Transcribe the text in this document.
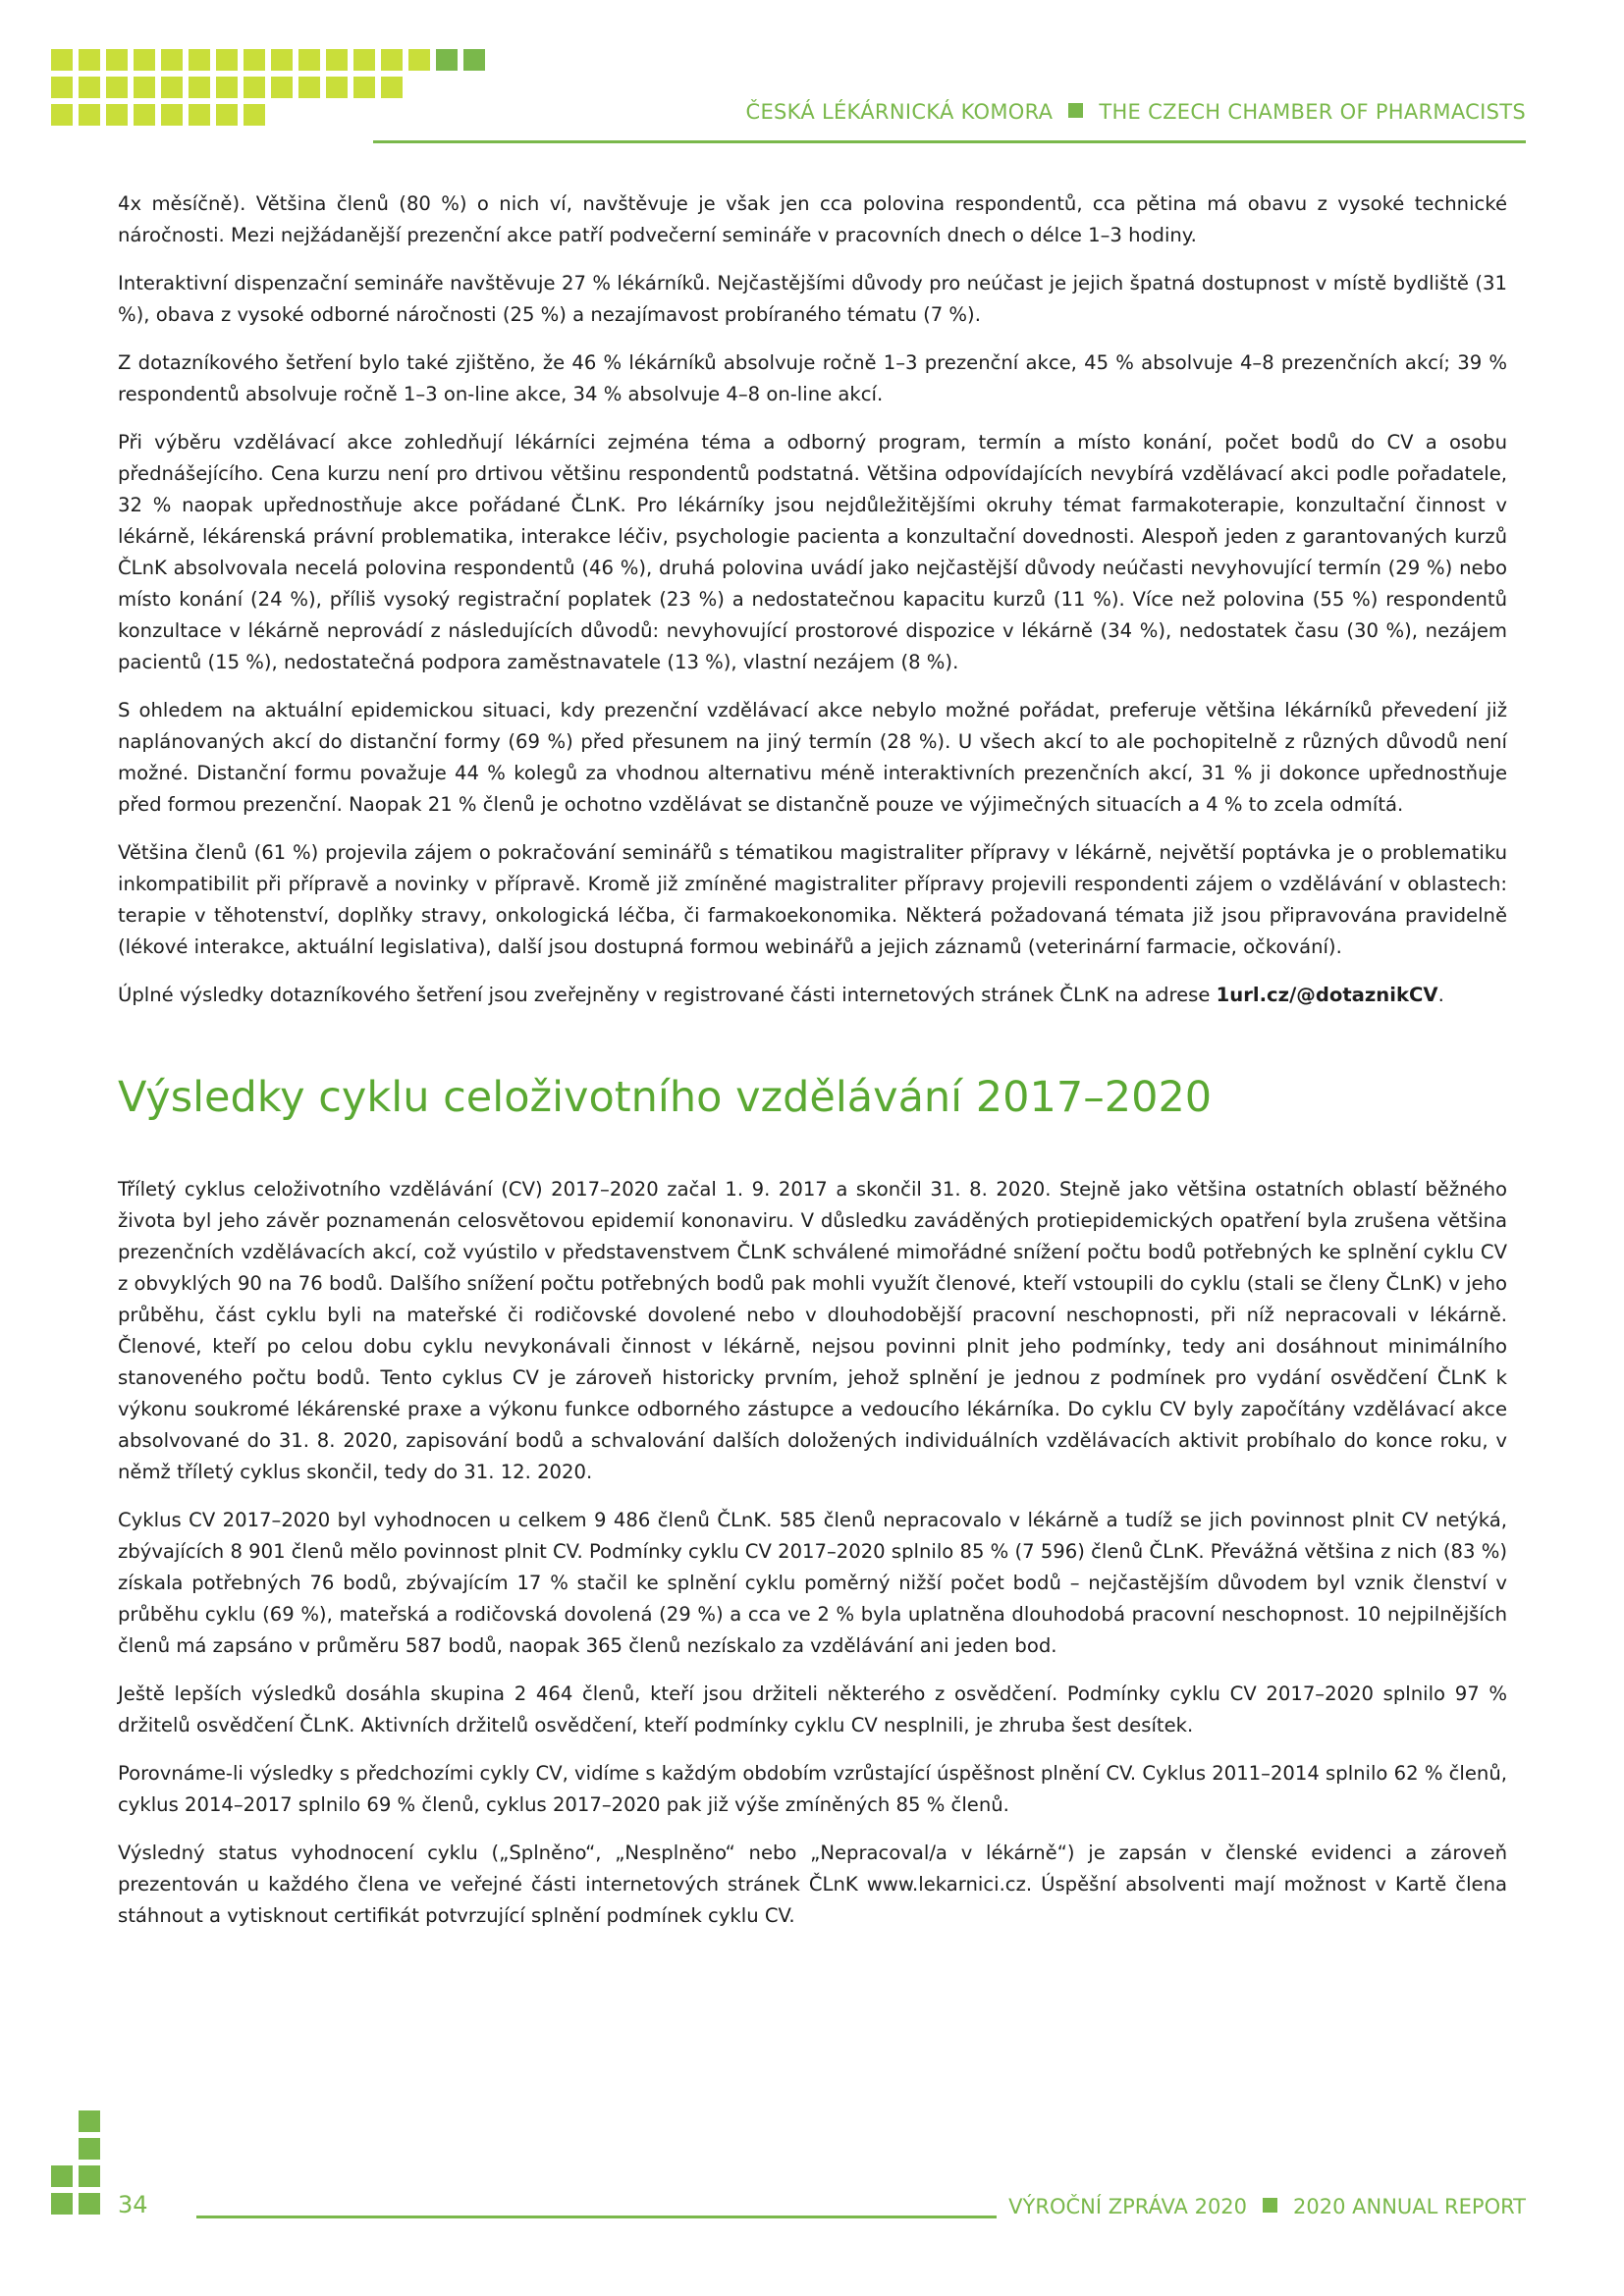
ČESKÁ LÉKÁRNICKÁ KOMORA THE CZECH CHAMBER OF PHARMACISTS

4x měsíčně). Většina členů (80 %) o nich ví, navštěvuje je však jen cca polovina respondentů, cca pětina má obavu z vysoké technické náročnosti. Mezi nejžádanější prezenční akce patří podvečerní semináře v pracovních dnech o délce 1–3 hodiny.

Interaktivní dispenzační semináře navštěvuje 27 % lékárníků. Nejčastějšími důvody pro neúčast je jejich špatná dostupnost v místě bydliště (31 %), obava z vysoké odborné náročnosti (25 %) a nezajímavost probíraného tématu (7 %).

Z dotazníkového šetření bylo také zjištěno, že 46 % lékárníků absolvuje ročně 1–3 prezenční akce, 45 % absolvuje 4–8 prezenčních akcí; 39 % respondentů absolvuje ročně 1–3 on-line akce, 34 % absolvuje 4–8 on-line akcí.

Při výběru vzdělávací akce zohledňují lékárníci zejména téma a odborný program, termín a místo konání, počet bodů do CV a osobu přednášejícího. Cena kurzu není pro drtivou většinu respondentů podstatná. Většina odpovídajících nevybírá vzdělávací akci podle pořadatele, 32 % naopak upřednostňuje akce pořádané ČLnK. Pro lékárníky jsou nejdůležitějšími okruhy témat farmakoterapie, konzultační činnost v lékárně, lékárenská právní problematika, interakce léčiv, psychologie pacienta a konzultační dovednosti. Alespoň jeden z garantovaných kurzů ČLnK absolvovala necelá polovina respondentů (46 %), druhá polovina uvádí jako nejčastější důvody neúčasti nevyhovující termín (29 %) nebo místo konání (24 %), příliš vysoký registrační poplatek (23 %) a nedostatečnou kapacitu kurzů (11 %). Více než polovina (55 %) respondentů konzultace v lékárně neprovádí z následujících důvodů: nevyhovující prostorové dispozice v lékárně (34 %), nedostatek času (30 %), nezájem pacientů (15 %), nedostatečná podpora zaměstnavatele (13 %), vlastní nezájem (8 %).

S ohledem na aktuální epidemickou situaci, kdy prezenční vzdělávací akce nebylo možné pořádat, preferuje většina lékárníků převedení již naplánovaných akcí do distanční formy (69 %) před přesunem na jiný termín (28 %). U všech akcí to ale pochopitelně z různých důvodů není možné. Distanční formu považuje 44 % kolegů za vhodnou alternativu méně interaktivních prezenčních akcí, 31 % ji dokonce upřednostňuje před formou prezenční. Naopak 21 % členů je ochotno vzdělávat se distančně pouze ve výjimečných situacích a 4 % to zcela odmítá.

Většina členů (61 %) projevila zájem o pokračování seminářů s tématikou magistraliter přípravy v lékárně, největší poptávka je o problematiku inkompatibilit při přípravě a novinky v přípravě. Kromě již zmíněné magistraliter přípravy projevili respondenti zájem o vzdělávání v oblastech: terapie v těhotenství, doplňky stravy, onkologická léčba, či farmakoekonomika. Některá požadovaná témata již jsou připravována pravidelně (lékové interakce, aktuální legislativa), další jsou dostupná formou webinářů a jejich záznamů (veterinární farmacie, očkování).

Úplné výsledky dotazníkového šetření jsou zveřejněny v registrované části internetových stránek ČLnK na adrese 1url.cz/@dotaznikCV.

Výsledky cyklu celoživotního vzdělávání 2017–2020

Tříletý cyklus celoživotního vzdělávání (CV) 2017–2020 začal 1. 9. 2017 a skončil 31. 8. 2020. Stejně jako většina ostatních oblastí běžného života byl jeho závěr poznamenán celosvětovou epidemií kononaviru. V důsledku zaváděných protiepidemických opatření byla zrušena většina prezenčních vzdělávacích akcí, což vyústilo v představenstvem ČLnK schválené mimořádné snížení počtu bodů potřebných ke splnění cyklu CV z obvyklých 90 na 76 bodů. Dalšího snížení počtu potřebných bodů pak mohli využít členové, kteří vstoupili do cyklu (stali se členy ČLnK) v jeho průběhu, část cyklu byli na mateřské či rodičovské dovolené nebo v dlouhodobější pracovní neschopnosti, při níž nepracovali v lékárně. Členové, kteří po celou dobu cyklu nevykonávali činnost v lékárně, nejsou povinni plnit jeho podmínky, tedy ani dosáhnout minimálního stanoveného počtu bodů. Tento cyklus CV je zároveň historicky prvním, jehož splnění je jednou z podmínek pro vydání osvědčení ČLnK k výkonu soukromé lékárenské praxe a výkonu funkce odborného zástupce a vedoucího lékárníka. Do cyklu CV byly započítány vzdělávací akce absolvované do 31. 8. 2020, zapisování bodů a schvalování dalších doložených individuálních vzdělávacích aktivit probíhalo do konce roku, v němž tříletý cyklus skončil, tedy do 31. 12. 2020.

Cyklus CV 2017–2020 byl vyhodnocen u celkem 9 486 členů ČLnK. 585 členů nepracovalo v lékárně a tudíž se jich povinnost plnit CV netýká, zbývajících 8 901 členů mělo povinnost plnit CV. Podmínky cyklu CV 2017–2020 splnilo 85 % (7 596) členů ČLnK. Převážná většina z nich (83 %) získala potřebných 76 bodů, zbývajícím 17 % stačil ke splnění cyklu poměrný nižší počet bodů – nejčastějším důvodem byl vznik členství v průběhu cyklu (69 %), mateřská a rodičovská dovolená (29 %) a cca ve 2 % byla uplatněna dlouhodobá pracovní neschopnost. 10 nejpilnějších členů má zapsáno v průměru 587 bodů, naopak 365 členů nezískalo za vzdělávání ani jeden bod.

Ještě lepších výsledků dosáhla skupina 2 464 členů, kteří jsou držiteli některého z osvědčení. Podmínky cyklu CV 2017–2020 splnilo 97 % držitelů osvědčení ČLnK. Aktivních držitelů osvědčení, kteří podmínky cyklu CV nesplnili, je zhruba šest desítek.

Porovnáme-li výsledky s předchozími cykly CV, vidíme s každým obdobím vzrůstající úspěšnost plnění CV. Cyklus 2011–2014 splnilo 62 % členů, cyklus 2014–2017 splnilo 69 % členů, cyklus 2017–2020 pak již výše zmíněných 85 % členů.

Výsledný status vyhodnocení cyklu („Splněno“, „Nesplněno“ nebo „Nepracoval/a v lékárně“) je zapsán v členské evidenci a zároveň prezentován u každého člena ve veřejné části internetových stránek ČLnK www.lekarnici.cz. Úspěšní absolventi mají možnost v Kartě člena stáhnout a vytisknout certifikát potvrzující splnění podmínek cyklu CV.

34	VÝROČNÍ ZPRÁVA 2020 2020 ANNUAL REPORT
